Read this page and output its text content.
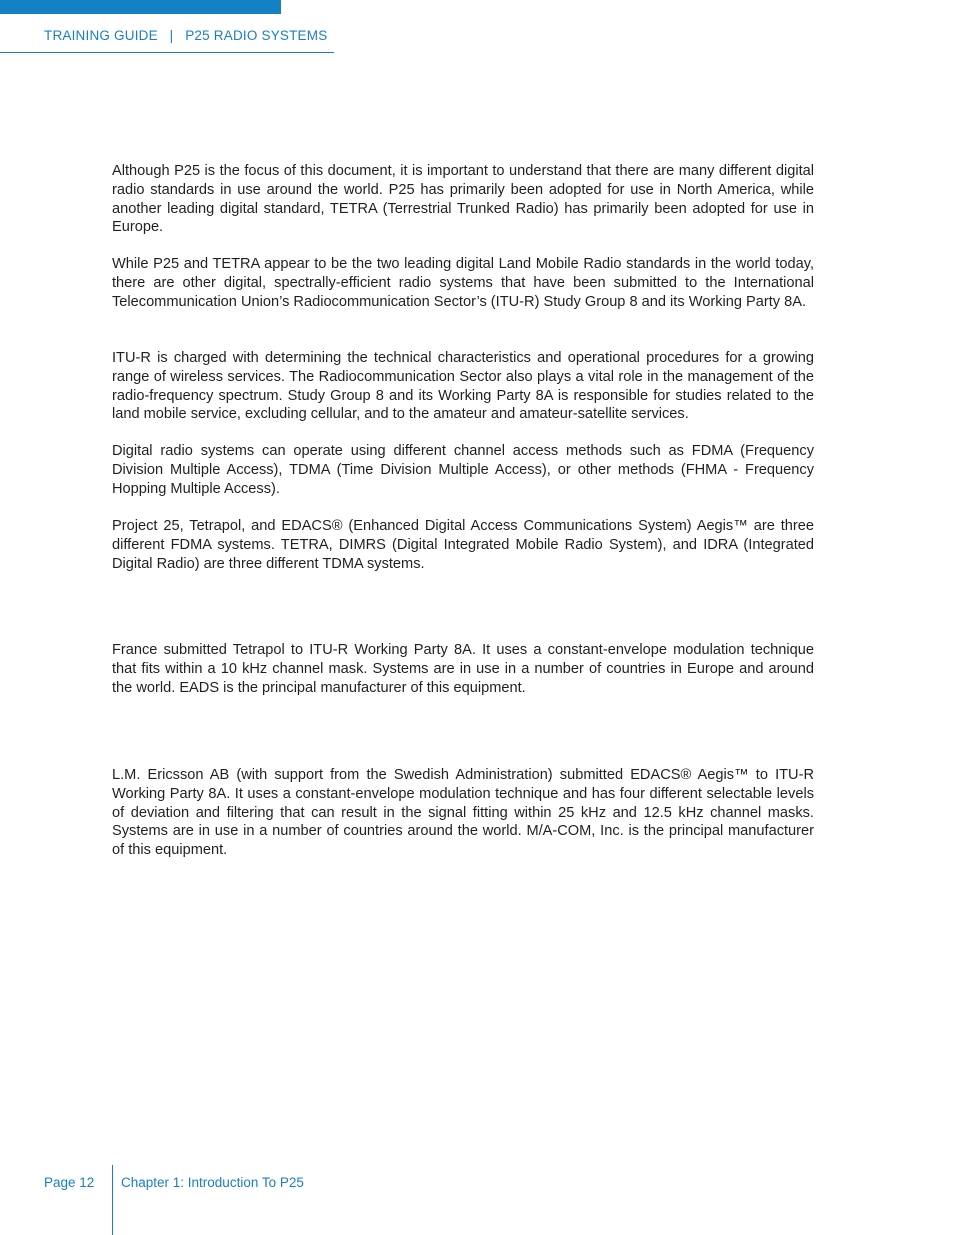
TRAINING GUIDE   |   P25 RADIO SYSTEMS

Although P25 is the focus of this document, it is important to understand that there are many different digital radio standards in use around the world. P25 has primarily been adopted for use in North America, while another leading digital standard, TETRA (Terrestrial Trunked Radio) has primarily been adopted for use in Europe.

While P25 and TETRA appear to be the two leading digital Land Mobile Radio standards in the world today, there are other digital, spectrally-efficient radio systems that have been submitted to the International Telecommunication Union’s Radiocommunication Sector’s (ITU-R) Study Group 8 and its Working Party 8A.

ITU-R is charged with determining the technical characteristics and operational procedures for a growing range of wireless services. The Radiocommunication Sector also plays a vital role in the management of the radio-frequency spectrum. Study Group 8 and its Working Party 8A is responsible for studies related to the land mobile service, excluding cellular, and to the amateur and amateur-satellite services.

Digital radio systems can operate using different channel access methods such as FDMA (Frequency Division Multiple Access), TDMA (Time Division Multiple Access), or other methods (FHMA - Frequency Hopping Multiple Access).

Project 25, Tetrapol, and EDACS® (Enhanced Digital Access Communications System) Aegis™ are three different FDMA systems. TETRA, DIMRS (Digital Integrated Mobile Radio System), and IDRA (Integrated Digital Radio) are three different TDMA systems.

France submitted Tetrapol to ITU-R Working Party 8A. It uses a constant-envelope modulation technique that fits within a 10 kHz channel mask. Systems are in use in a number of countries in Europe and around the world. EADS is the principal manufacturer of this equipment.

L.M. Ericsson AB (with support from the Swedish Administration) submitted EDACS® Aegis™ to ITU-R Working Party 8A. It uses a constant-envelope modulation technique and has four different selectable levels of deviation and filtering that can result in the signal fitting within 25 kHz and 12.5 kHz channel masks. Systems are in use in a number of countries around the world. M/A-COM, Inc. is the principal manufacturer of this equipment.

Page 12 Chapter 1: Introduction To P25
